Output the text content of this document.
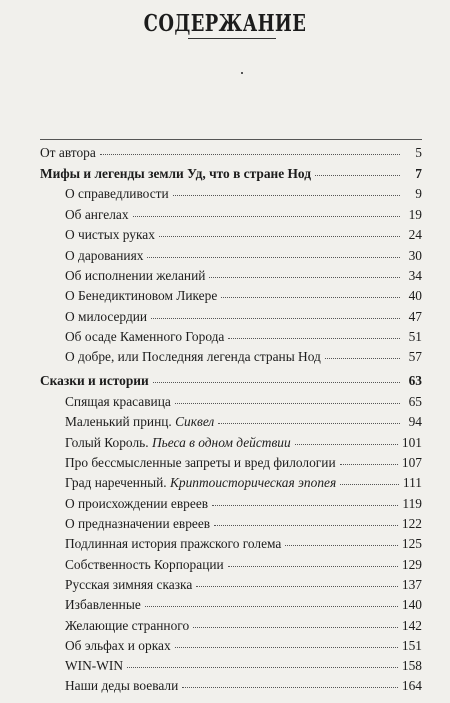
СОДЕРЖАНИЕ
От автора	5
Мифы и легенды земли Уд, что в стране Нод	7
О справедливости	9
Об ангелах	19
О чистых руках	24
О дарованиях	30
Об исполнении желаний	34
О Бенедиктиновом Ликере	40
О милосердии	47
Об осаде Каменного Города	51
О добре, или Последняя легенда страны Нод	57
Сказки и истории	63
Спящая красавица	65
Маленький принц. Сиквел	94
Голый Король. Пьеса в одном действии	101
Про бессмысленные запреты и вред филологии	107
Град нареченный. Криптоисторическая эпопея	111
О происхождении евреев	119
О предназначении евреев	122
Подлинная история пражского голема	125
Собственность Корпорации	129
Русская зимняя сказка	137
Избавленные	140
Желающие странного	142
Об эльфах и орках	151
WIN-WIN	158
Наши деды воевали	164
